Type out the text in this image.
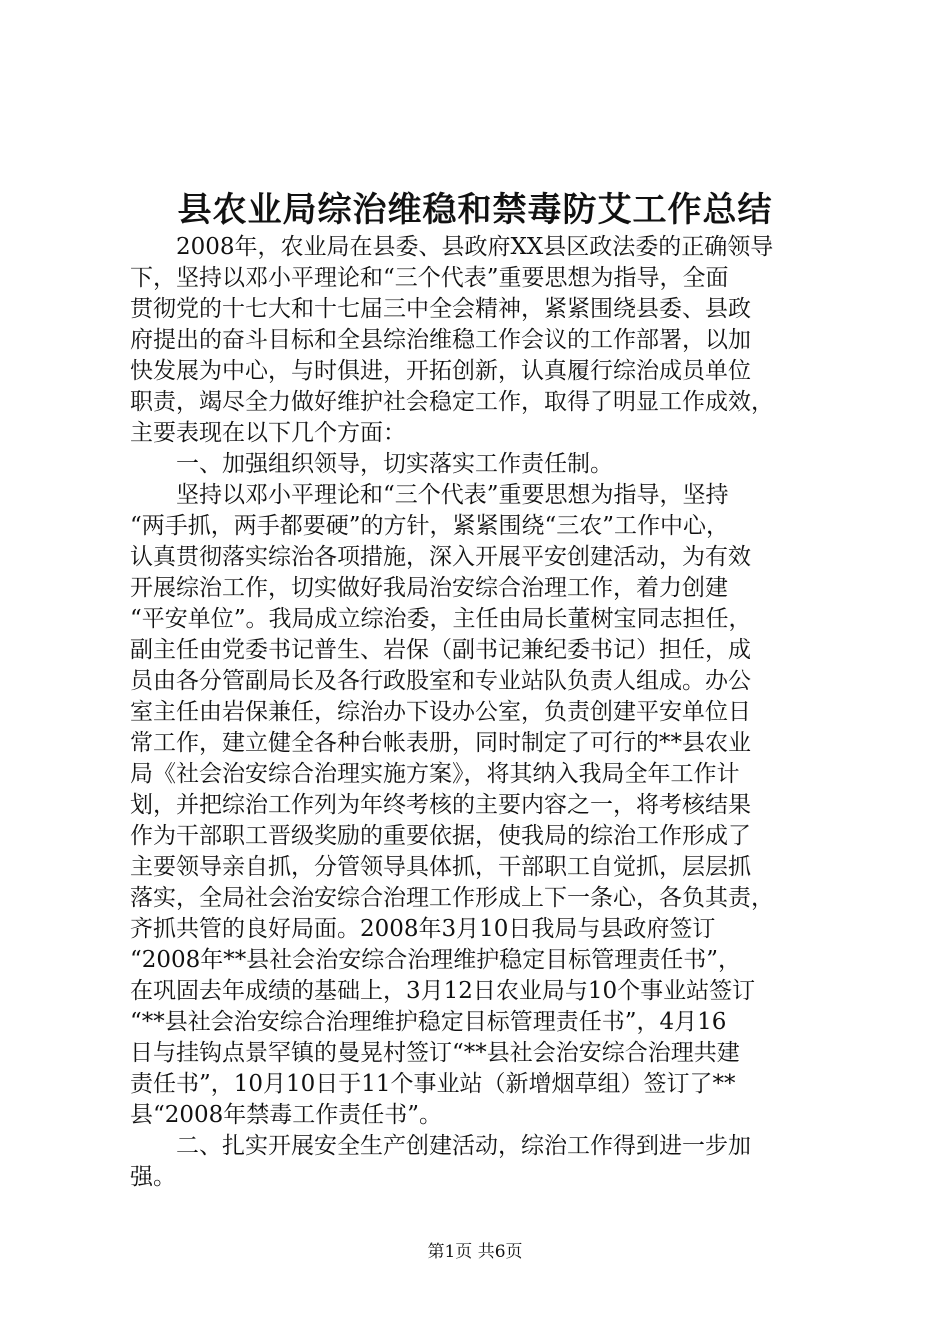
县农业局综治维稳和禁毒防艾工作总结
　　2008年，农业局在县委、县政府XX县区政法委的正确领导
下，坚持以邓小平理论和“三个代表”重要思想为指导，全面
贯彻党的十七大和十七届三中全会精神，紧紧围绕县委、县政
府提出的奋斗目标和全县综治维稳工作会议的工作部署，以加
快发展为中心，与时俱进，开拓创新，认真履行综治成员单位
职责，竭尽全力做好维护社会稳定工作，取得了明显工作成效，
主要表现在以下几个方面：
　　一、加强组织领导，切实落实工作责任制。
　　坚持以邓小平理论和“三个代表”重要思想为指导，坚持
“两手抓，两手都要硬”的方针，紧紧围绕“三农”工作中心，
认真贯彻落实综治各项措施，深入开展平安创建活动，为有效
开展综治工作，切实做好我局治安综合治理工作，着力创建
“平安单位”。我局成立综治委，主任由局长董树宝同志担任，
副主任由党委书记普生、岩保（副书记兼纪委书记）担任，成
员由各分管副局长及各行政股室和专业站队负责人组成。办公
室主任由岩保兼任，综治办下设办公室，负责创建平安单位日
常工作，建立健全各种台帐表册，同时制定了可行的**县农业
局《社会治安综合治理实施方案》，将其纳入我局全年工作计
划，并把综治工作列为年终考核的主要内容之一，将考核结果
作为干部职工晋级奖励的重要依据，使我局的综治工作形成了
主要领导亲自抓，分管领导具体抓，干部职工自觉抓，层层抓
落实，全局社会治安综合治理工作形成上下一条心，各负其责，
齐抓共管的良好局面。2008年3月10日我局与县政府签订
“2008年**县社会治安综合治理维护稳定目标管理责任书”，
在巩固去年成绩的基础上，3月12日农业局与10个事业站签订
“**县社会治安综合治理维护稳定目标管理责任书”，4月16
日与挂钩点景罕镇的曼晃村签订“**县社会治安综合治理共建
责任书”，10月10日于11个事业站（新增烟草组）签订了**
县“2008年禁毒工作责任书”。
　　二、扎实开展安全生产创建活动，综治工作得到进一步加
强。
第1页 共6页
